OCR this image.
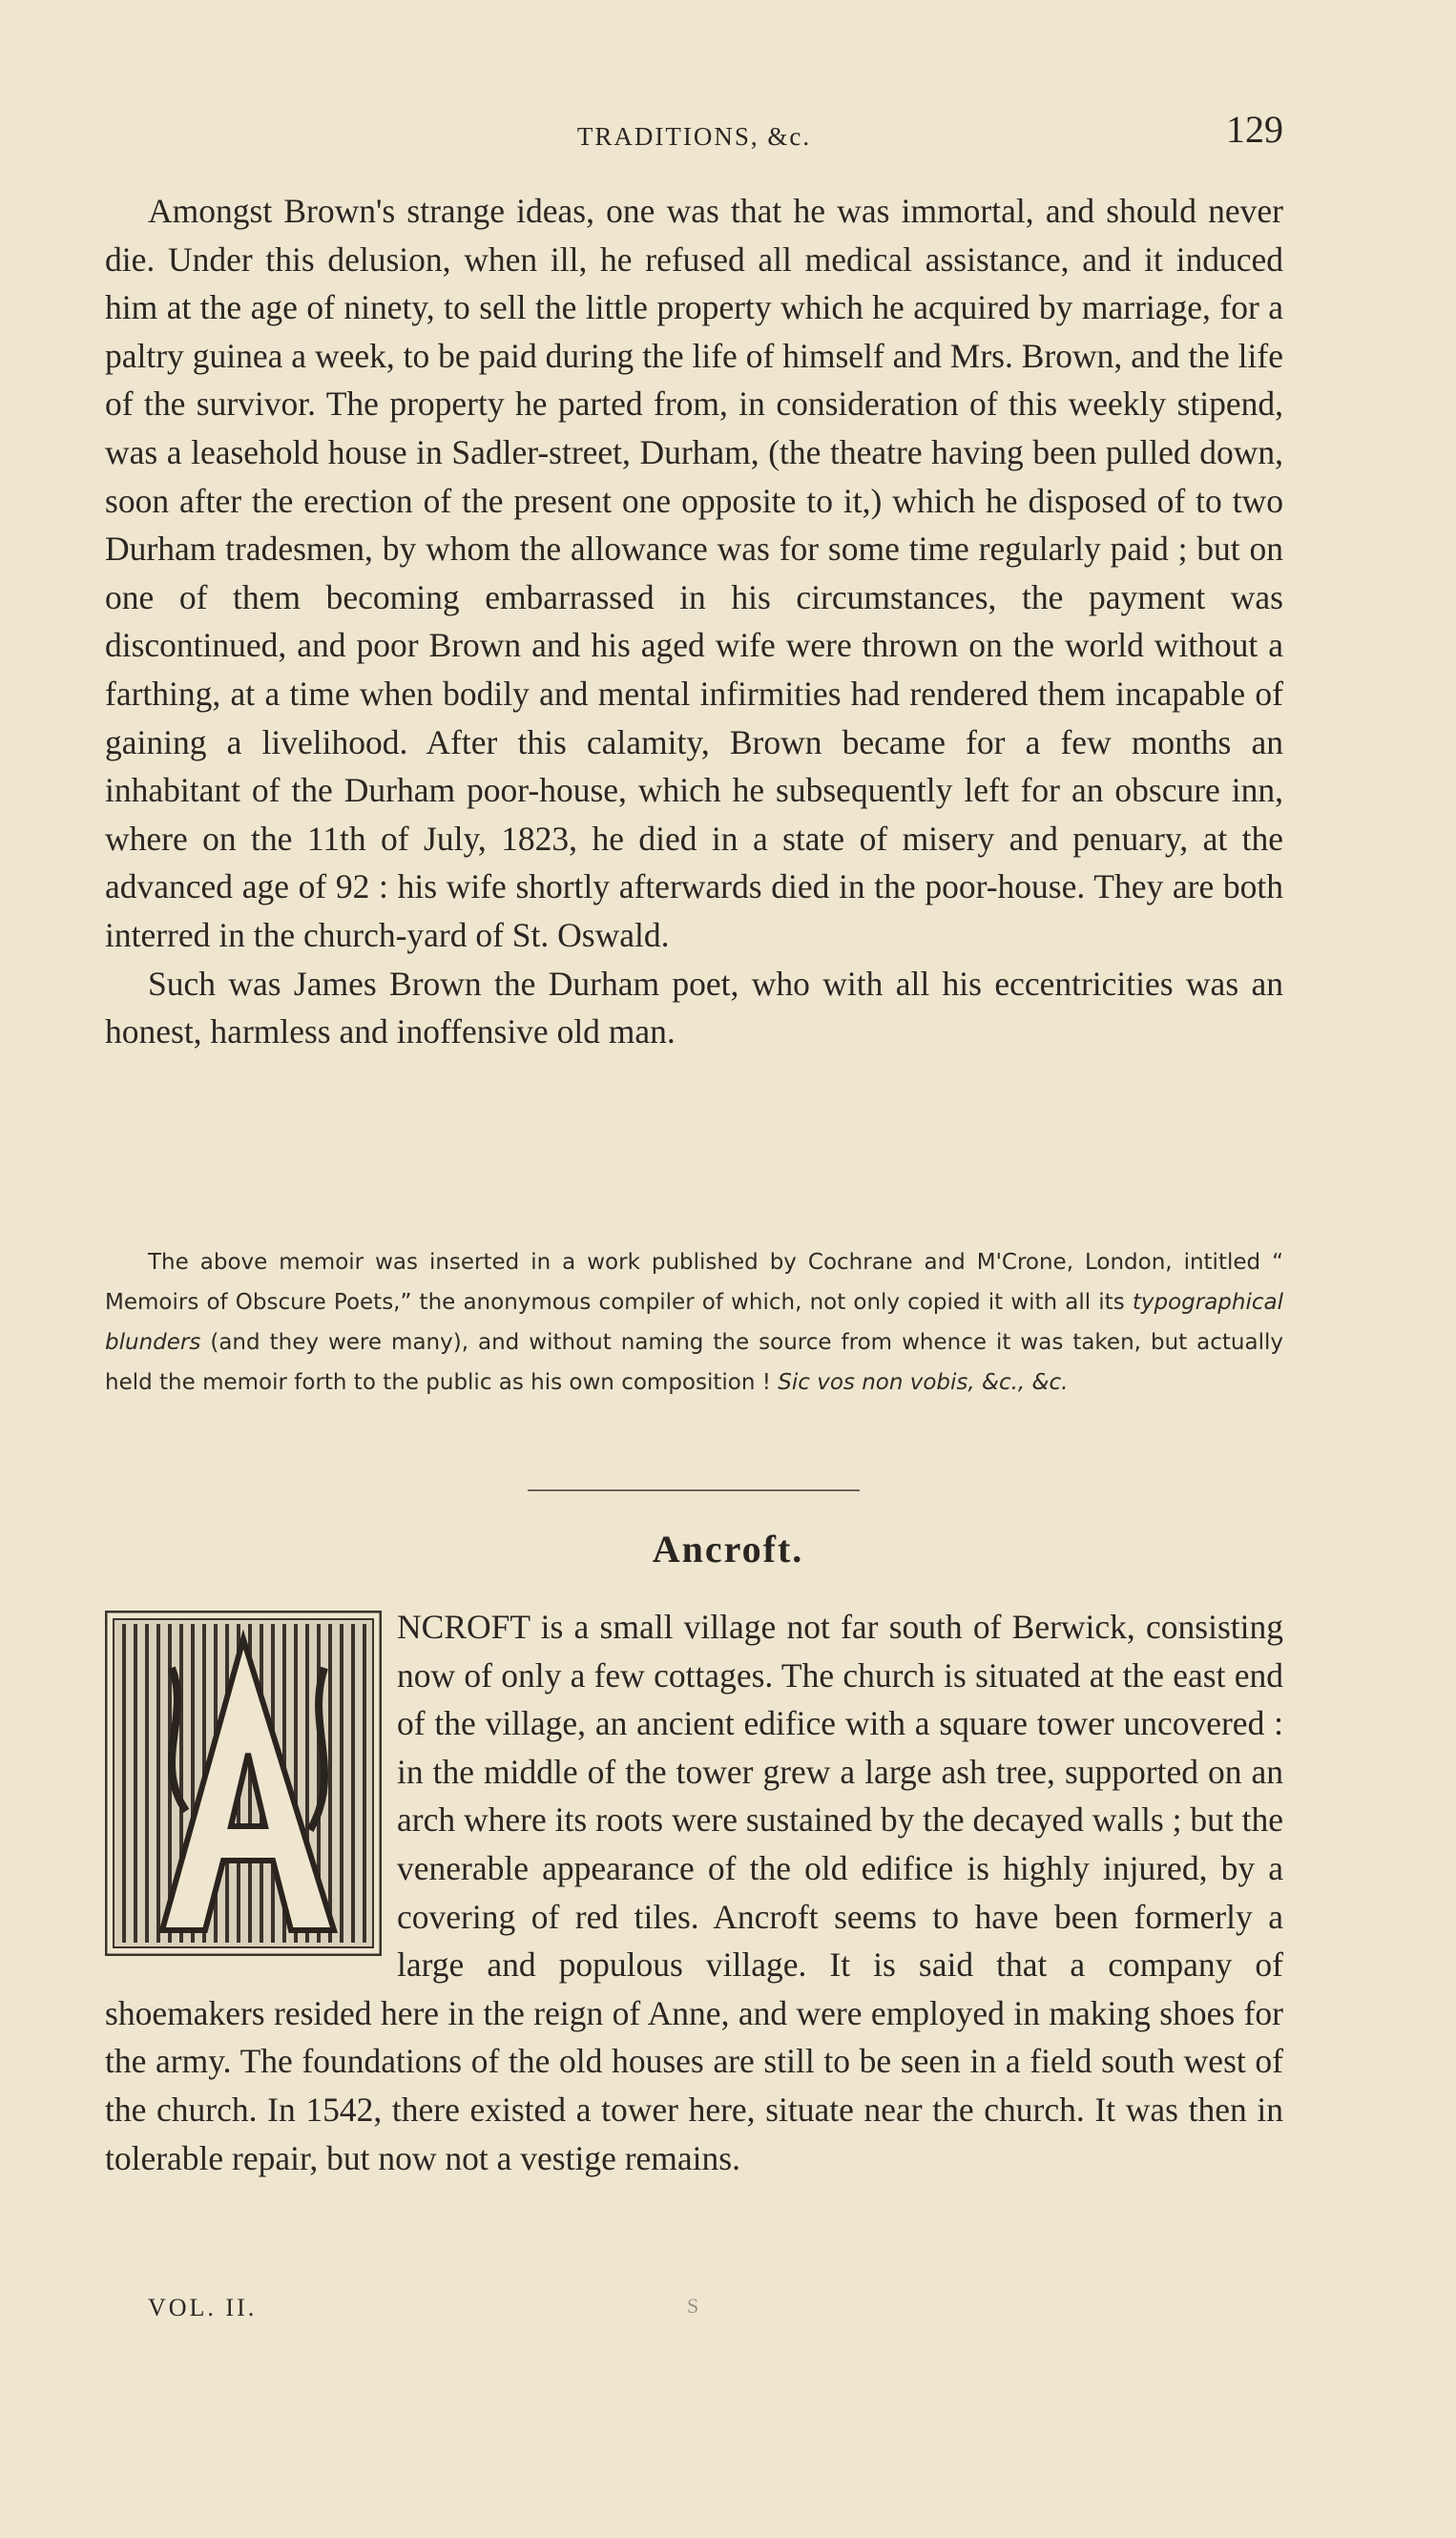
TRADITIONS, &c.	129

Amongst Brown's strange ideas, one was that he was immortal, and should never die. Under this delusion, when ill, he refused all medical assistance, and it induced him at the age of ninety, to sell the little property which he acquired by marriage, for a paltry guinea a week, to be paid during the life of himself and Mrs. Brown, and the life of the survivor. The property he parted from, in consideration of this weekly stipend, was a leasehold house in Sadler-street, Durham, (the theatre having been pulled down, soon after the erection of the present one opposite to it,) which he disposed of to two Durham tradesmen, by whom the allowance was for some time regularly paid ; but on one of them becoming embarrassed in his circumstances, the payment was discontinued, and poor Brown and his aged wife were thrown on the world without a farthing, at a time when bodily and mental infirmities had rendered them incapable of gaining a livelihood. After this calamity, Brown became for a few months an inhabitant of the Durham poor-house, which he subsequently left for an obscure inn, where on the 11th of July, 1823, he died in a state of misery and penuary, at the advanced age of 92 : his wife shortly afterwards died in the poor-house. They are both interred in the church-yard of St. Oswald.

Such was James Brown the Durham poet, who with all his eccentricities was an honest, harmless and inoffensive old man.

The above memoir was inserted in a work published by Cochrane and M'Crone, London, intitled “ Memoirs of Obscure Poets,” the anonymous compiler of which, not only copied it with all its typographical blunders (and they were many), and without naming the source from whence it was taken, but actually held the memoir forth to the public as his own composition ! Sic vos non vobis, &c., &c.
Ancroft.
NCROFT is a small village not far south of Berwick, consisting now of only a few cottages. The church is situated at the east end of the village, an ancient edifice with a square tower uncovered : in the middle of the tower grew a large ash tree, supported on an arch where its roots were sustained by the decayed walls ; but the venerable appearance of the old edifice is highly injured, by a covering of red tiles. Ancroft seems to have been formerly a large and populous village. It is said that a company of shoemakers resided here in the reign of Anne, and were employed in making shoes for the army. The foundations of the old houses are still to be seen in a field south west of the church. In 1542, there existed a tower here, situate near the church. It was then in tolerable repair, but now not a vestige remains.
VOL. II.	S
